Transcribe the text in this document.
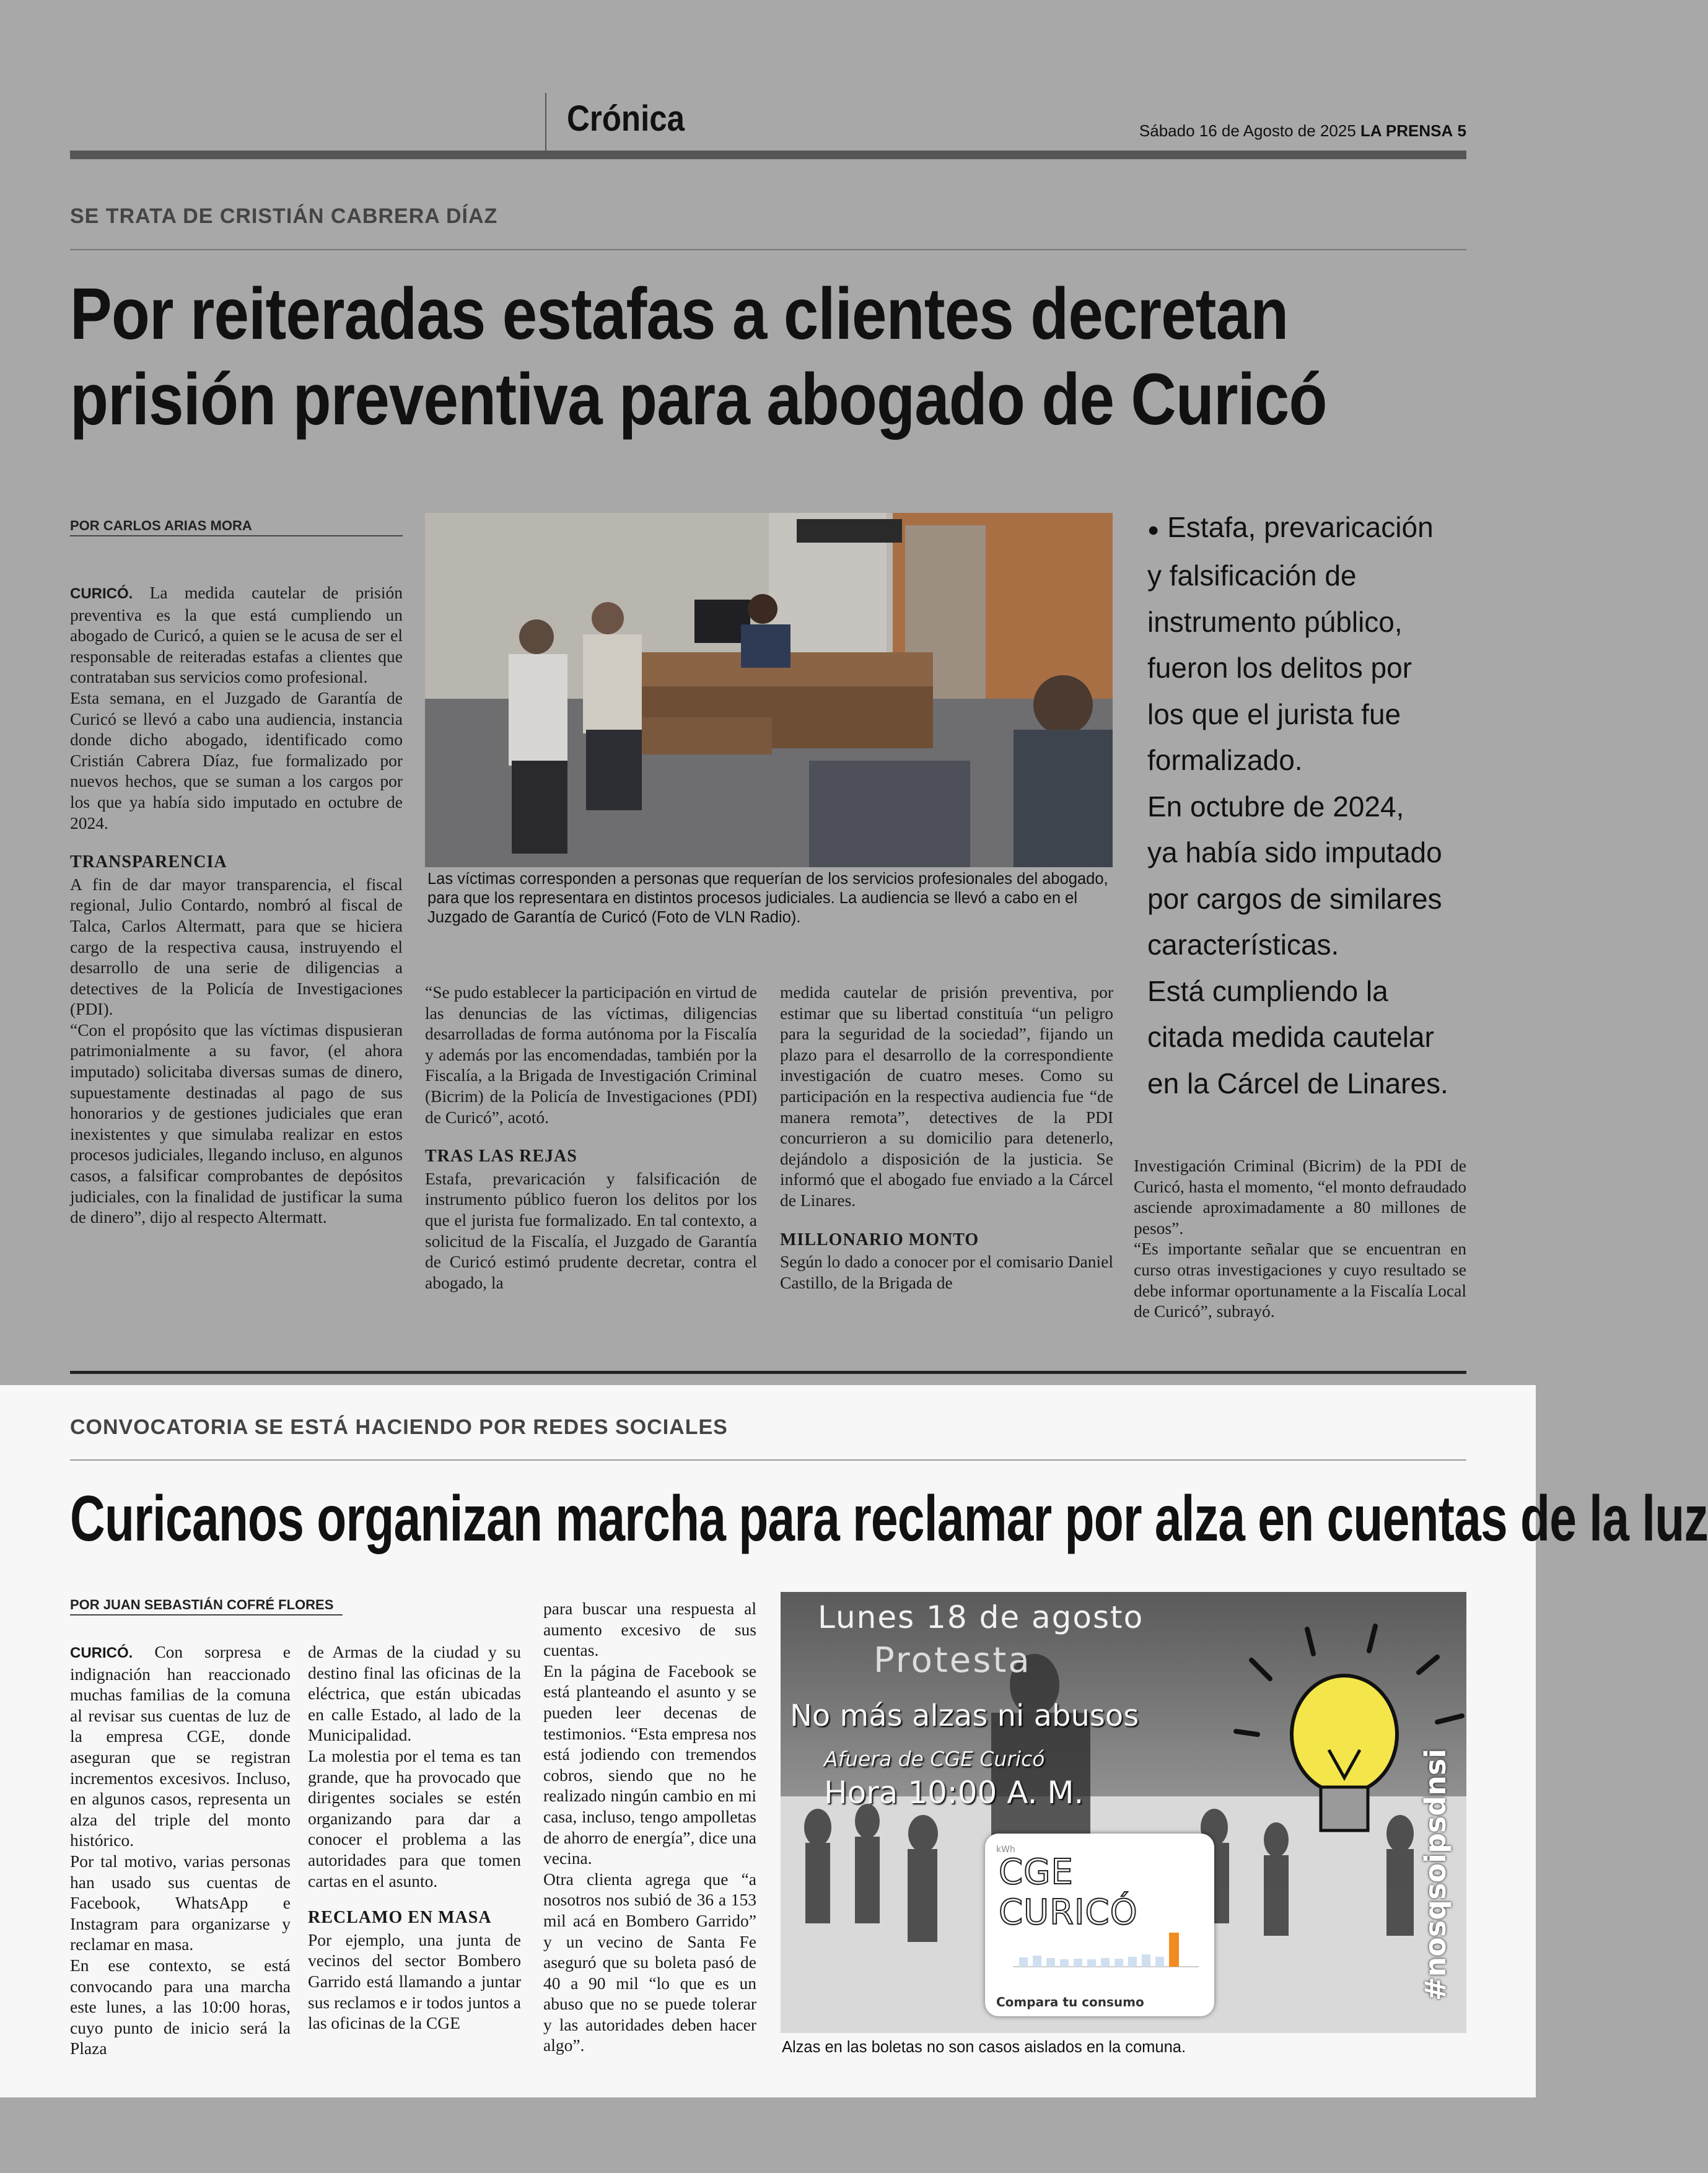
Crónica	Sábado 16 de Agosto de 2025 LA PRENSA 5
SE TRATA DE CRISTIÁN CABRERA DÍAZ
Por reiteradas estafas a clientes decretan
prisión preventiva para abogado de Curicó
POR CARLOS ARIAS MORA

CURICÓ. La medida cautelar de prisión preventiva es la que está cumpliendo un abogado de Curicó, a quien se le acusa de ser el responsable de reiteradas estafas a clientes que contrataban sus servicios como profesional.

Esta semana, en el Juzgado de Garantía de Curicó se llevó a cabo una audiencia, instancia donde dicho abogado, identificado como Cristián Cabrera Díaz, fue formalizado por nuevos hechos, que se suman a los cargos por los que ya había sido imputado en octubre de 2024.

TRANSPARENCIA

A fin de dar mayor transparencia, el fiscal regional, Julio Contardo, nombró al fiscal de Talca, Carlos Altermatt, para que se hiciera cargo de la respectiva causa, instruyendo el desarrollo de una serie de diligencias a detectives de la Policía de Investigaciones (PDI).

“Con el propósito que las víctimas dispusieran patrimonialmente a su favor, (el ahora imputado) solicitaba diversas sumas de dinero, supuestamente destinadas al pago de sus honorarios y de gestiones judiciales que eran inexistentes y que simulaba realizar en estos procesos judiciales, llegando incluso, en algunos casos, a falsificar comprobantes de depósitos judiciales, con la finalidad de justificar la suma de dinero”, dijo al respecto Altermatt.

Las víctimas corresponden a personas que requerían de los servicios profesionales del abogado, para que los representara en distintos procesos judiciales. La audiencia se llevó a cabo en el Juzgado de Garantía de Curicó (Foto de VLN Radio).

“Se pudo establecer la participación en virtud de las denuncias de las víctimas, diligencias desarrolladas de forma autónoma por la Fiscalía y además por las encomendadas, también por la Fiscalía, a la Brigada de Investigación Criminal (Bicrim) de la Policía de Investigaciones (PDI) de Curicó”, acotó.

TRAS LAS REJAS

Estafa, prevaricación y falsificación de instrumento público fueron los delitos por los que el jurista fue formalizado. En tal contexto, a solicitud de la Fiscalía, el Juzgado de Garantía de Curicó estimó prudente decretar, contra el abogado, la

medida cautelar de prisión preventiva, por estimar que su libertad constituía “un peligro para la seguridad de la sociedad”, fijando un plazo para el desarrollo de la correspondiente investigación de cuatro meses. Como su participación en la respectiva audiencia fue “de manera remota”, detectives de la PDI concurrieron a su domicilio para detenerlo, dejándolo a disposición de la justicia. Se informó que el abogado fue enviado a la Cárcel de Linares.

MILLONARIO MONTO

Según lo dado a conocer por el comisario Daniel Castillo, de la Brigada de

● Estafa, prevaricación

y falsificación de

instrumento público,

fueron los delitos por

los que el jurista fue

formalizado.

En octubre de 2024,

ya había sido imputado

por cargos de similares

características.

Está cumpliendo la

citada medida cautelar

en la Cárcel de Linares.

Investigación Criminal (Bicrim) de la PDI de Curicó, hasta el momento, “el monto defraudado asciende aproximadamente a 80 millones de pesos”.

“Es importante señalar que se encuentran en curso otras investigaciones y cuyo resultado se debe informar oportunamente a la Fiscalía Local de Curicó”, subrayó.

CONVOCATORIA SE ESTÁ HACIENDO POR REDES SOCIALES
Curicanos organizan marcha para reclamar por alza en cuentas de la luz
POR JUAN SEBASTIÁN COFRÉ FLORES

CURICÓ. Con sorpresa e indignación han reaccionado muchas familias de la comuna al revisar sus cuentas de luz de la empresa CGE, donde aseguran que se registran incrementos excesivos. Incluso, en algunos casos, representa un alza del triple del monto histórico.

Por tal motivo, varias personas han usado sus cuentas de Facebook, WhatsApp e Instagram para organizarse y reclamar en masa.

En ese contexto, se está convocando para una marcha este lunes, a las 10:00 horas, cuyo punto de inicio será la Plaza

de Armas de la ciudad y su destino final las oficinas de la eléctrica, que están ubicadas en calle Estado, al lado de la Municipalidad.

La molestia por el tema es tan grande, que ha provocado que dirigentes sociales se estén organizando para dar a conocer el problema a las autoridades para que tomen cartas en el asunto.

RECLAMO EN MASA

Por ejemplo, una junta de vecinos del sector Bombero Garrido está llamando a juntar sus reclamos e ir todos juntos a las oficinas de la CGE

para buscar una respuesta al aumento excesivo de sus cuentas.

En la página de Facebook se está planteando el asunto y se pueden leer decenas de testimonios. “Esta empresa nos está jodiendo con tremendos cobros, siendo que no he realizado ningún cambio en mi casa, incluso, tengo ampolletas de ahorro de energía”, dice una vecina.

Otra clienta agrega que “a nosotros nos subió de 36 a 153 mil acá en Bombero Garrido” y un vecino de Santa Fe aseguró que su boleta pasó de 40 a 90 mil “lo que es un abuso que no se puede tolerar y las autoridades deben hacer algo”.

Lunes 18 de agosto
Protesta
No más alzas ni abusos
Afuera de CGE Curicó
Hora 10:00 A. M.	#nosqsoipsdnsi
kWh
CGE CURICÓ
Compara tu consumo
Alzas en las boletas no son casos aislados en la comuna.
